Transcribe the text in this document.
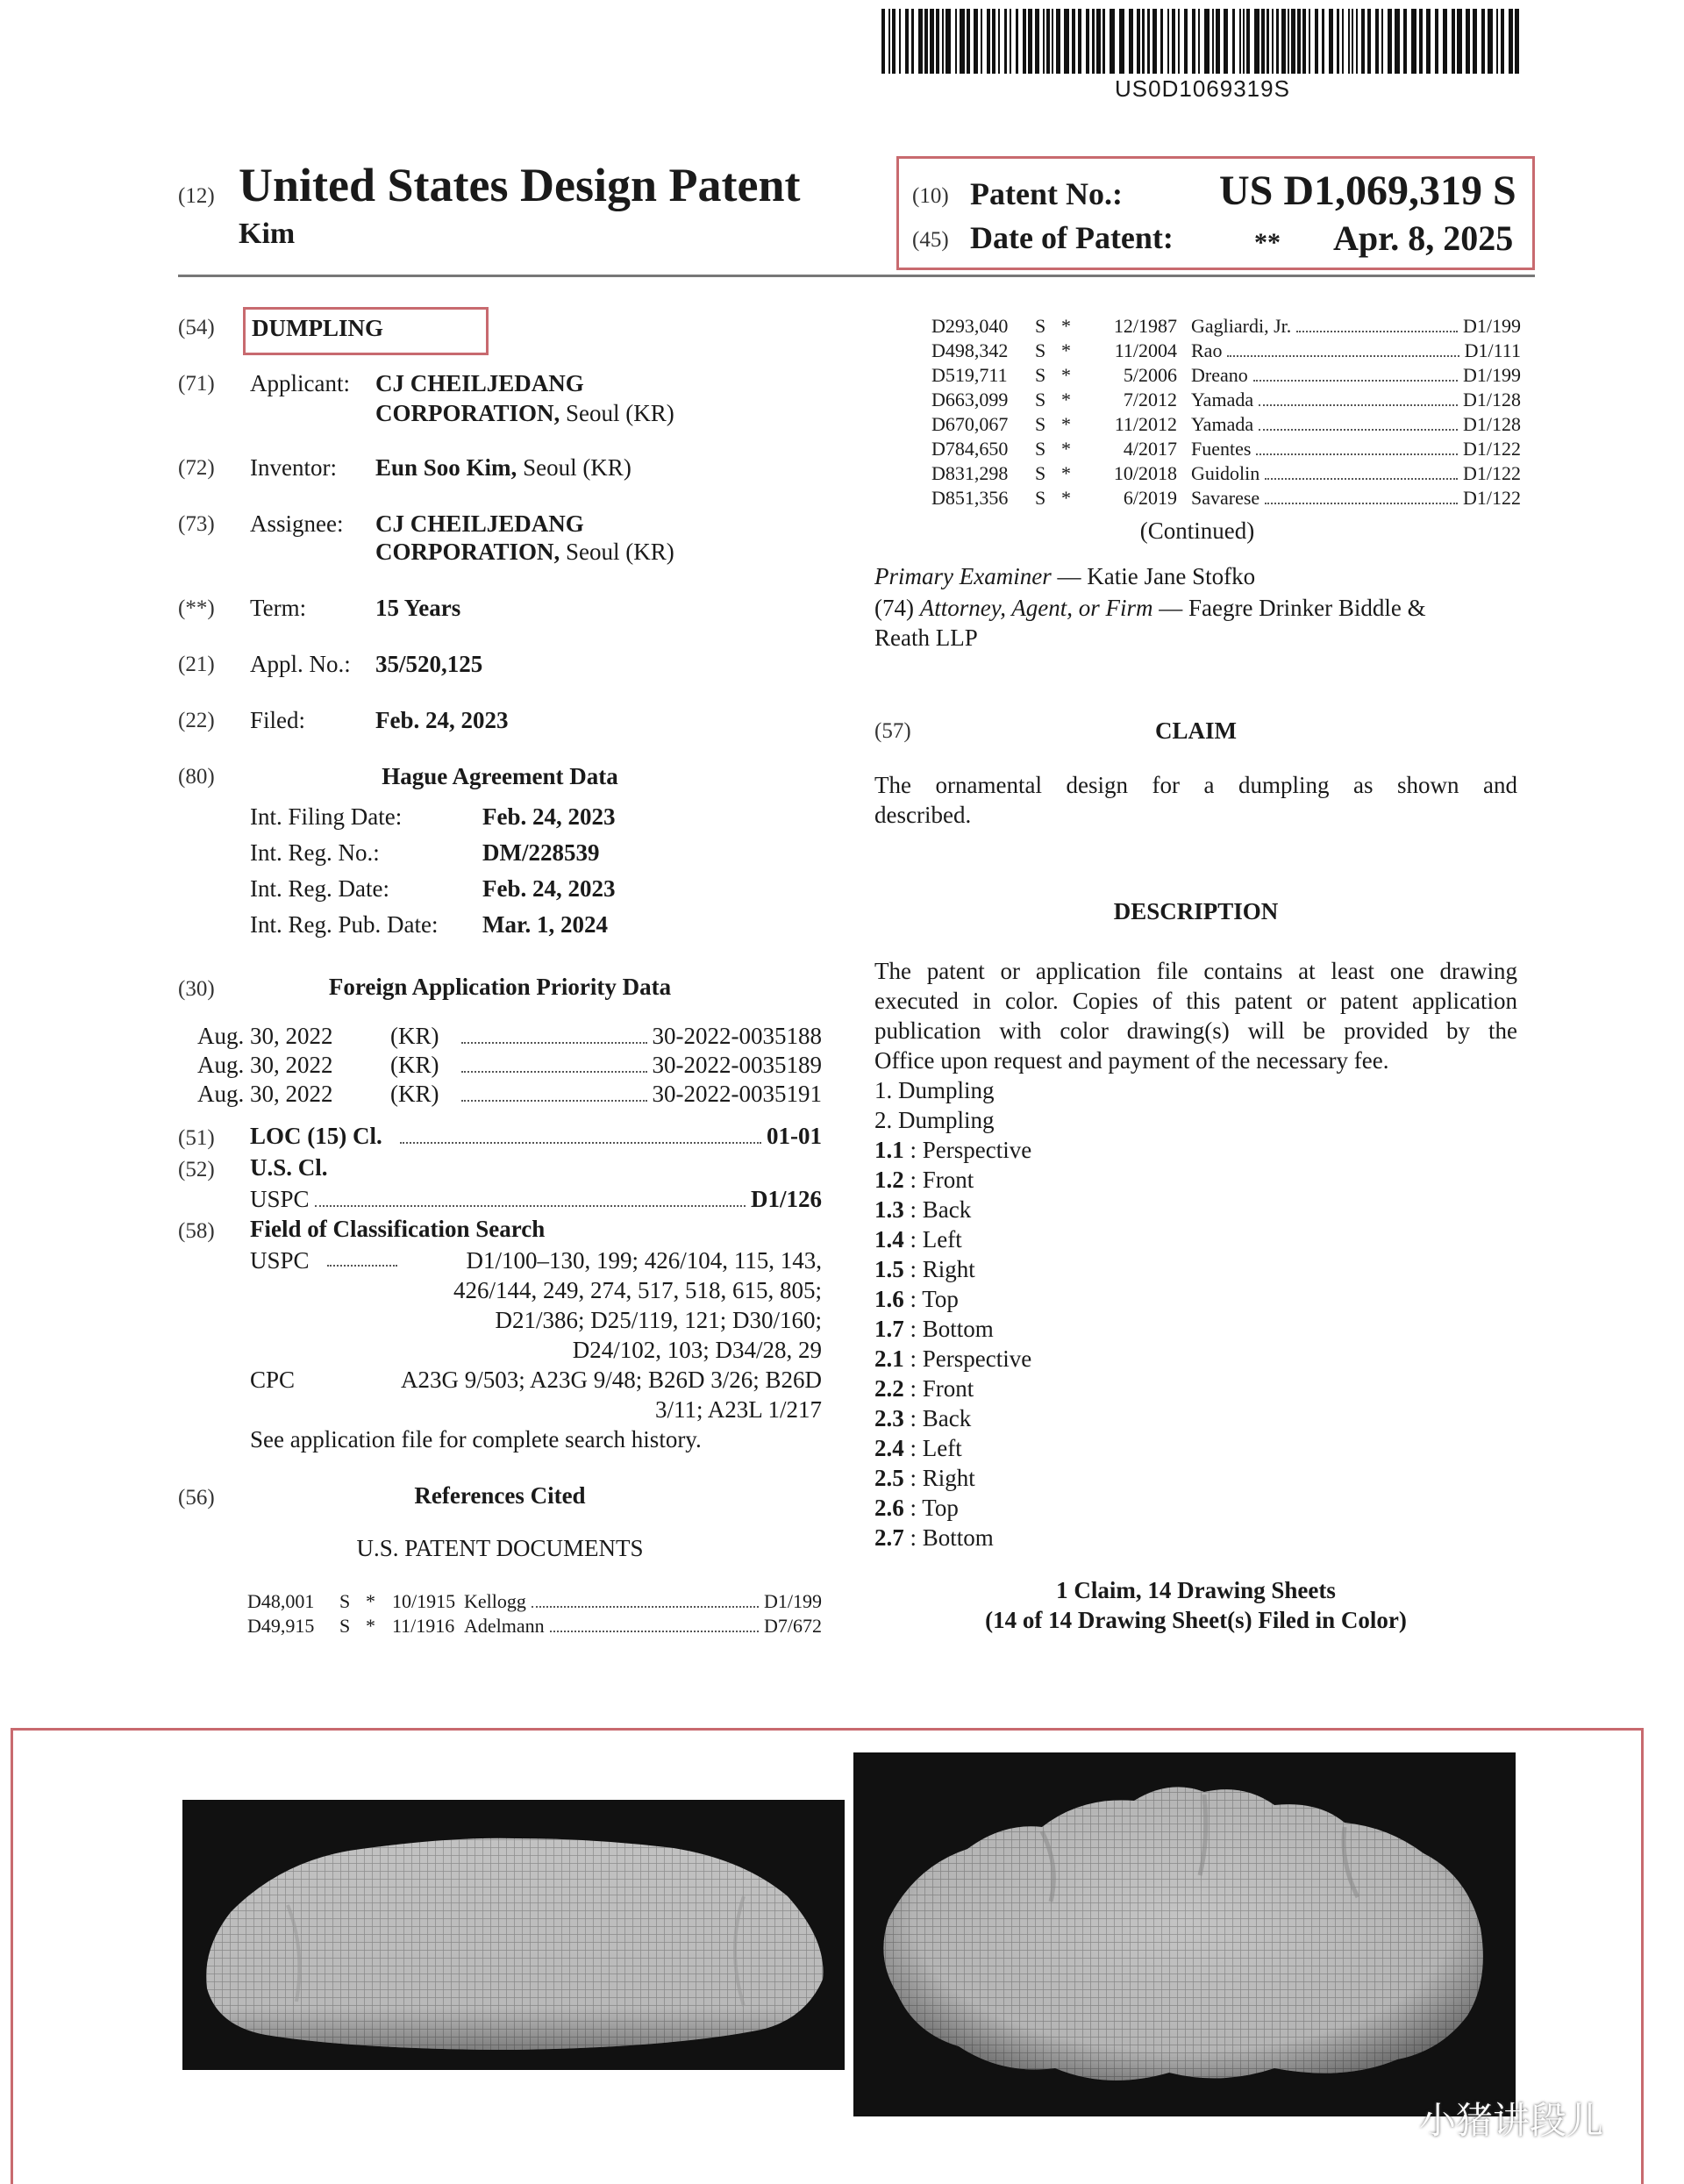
US0D1069319S
(12) United States Design Patent
Kim
(10) Patent No.: US D1,069,319 S
(45) Date of Patent:	** Apr. 8, 2025
(54) DUMPLING
(71) Applicant: CJ CHEILJEDANG
CORPORATION, Seoul (KR)
(72) Inventor: Eun Soo Kim, Seoul (KR)
(73) Assignee: CJ CHEILJEDANG
CORPORATION, Seoul (KR)
(**) Term:	15 Years
(21) Appl. No.: 35/520,125
(22) Filed:	Feb. 24, 2023
(80)	Hague Agreement Data
Int. Filing Date:	Feb. 24, 2023
Int. Reg. No.:	DM/228539
Int. Reg. Date:	Feb. 24, 2023
Int. Reg. Pub. Date:	Mar. 1, 2024
(30)	Foreign Application Priority Data
Aug. 30, 2022	(KR)	30-2022-0035188
Aug. 30, 2022	(KR)	30-2022-0035189
Aug. 30, 2022	(KR)	30-2022-0035191
(51) LOC (15) Cl.	01-01
(52) U.S. Cl.
USPC	D1/126
(58) Field of Classification Search
USPC	D1/100–130, 199; 426/104, 115, 143,
426/144, 249, 274, 517, 518, 615, 805;
D21/386; D25/119, 121; D30/160;
D24/102, 103; D34/28, 29
CPC	A23G 9/503; A23G 9/48; B26D 3/26; B26D
3/11; A23L 1/217
See application file for complete search history.
(56)	References Cited
U.S. PATENT DOCUMENTS
D48,001	S * 10/1915 Kellogg	D1/199
D49,915	S * 11/1916 Adelmann	D7/672
D293,040	S *	12/1987 Gagliardi, Jr.	D1/199
D498,342	S *	11/2004 Rao	D1/111
D519,711	S *	5/2006 Dreano	D1/199
D663,099	S *	7/2012 Yamada	D1/128
D670,067	S *	11/2012 Yamada	D1/128
D784,650	S *	4/2017 Fuentes	D1/122
D831,298	S *	10/2018 Guidolin	D1/122
D851,356	S *	6/2019 Savarese	D1/122
(Continued)
Primary Examiner — Katie Jane Stofko
(74) Attorney, Agent, or Firm — Faegre Drinker Biddle &
Reath LLP
(57)	CLAIM
The ornamental design for a dumpling as shown and
described.
DESCRIPTION
The patent or application file contains at least one drawing
executed in color. Copies of this patent or patent application
publication with color drawing(s) will be provided by the
Office upon request and payment of the necessary fee.
1. Dumpling
2. Dumpling
1.1 : Perspective
1.2 : Front
1.3 : Back
1.4 : Left
1.5 : Right
1.6 : Top
1.7 : Bottom
2.1 : Perspective
2.2 : Front
2.3 : Back
2.4 : Left
2.5 : Right
2.6 : Top
2.7 : Bottom
1 Claim, 14 Drawing Sheets
(14 of 14 Drawing Sheet(s) Filed in Color)
小猪讲段儿
